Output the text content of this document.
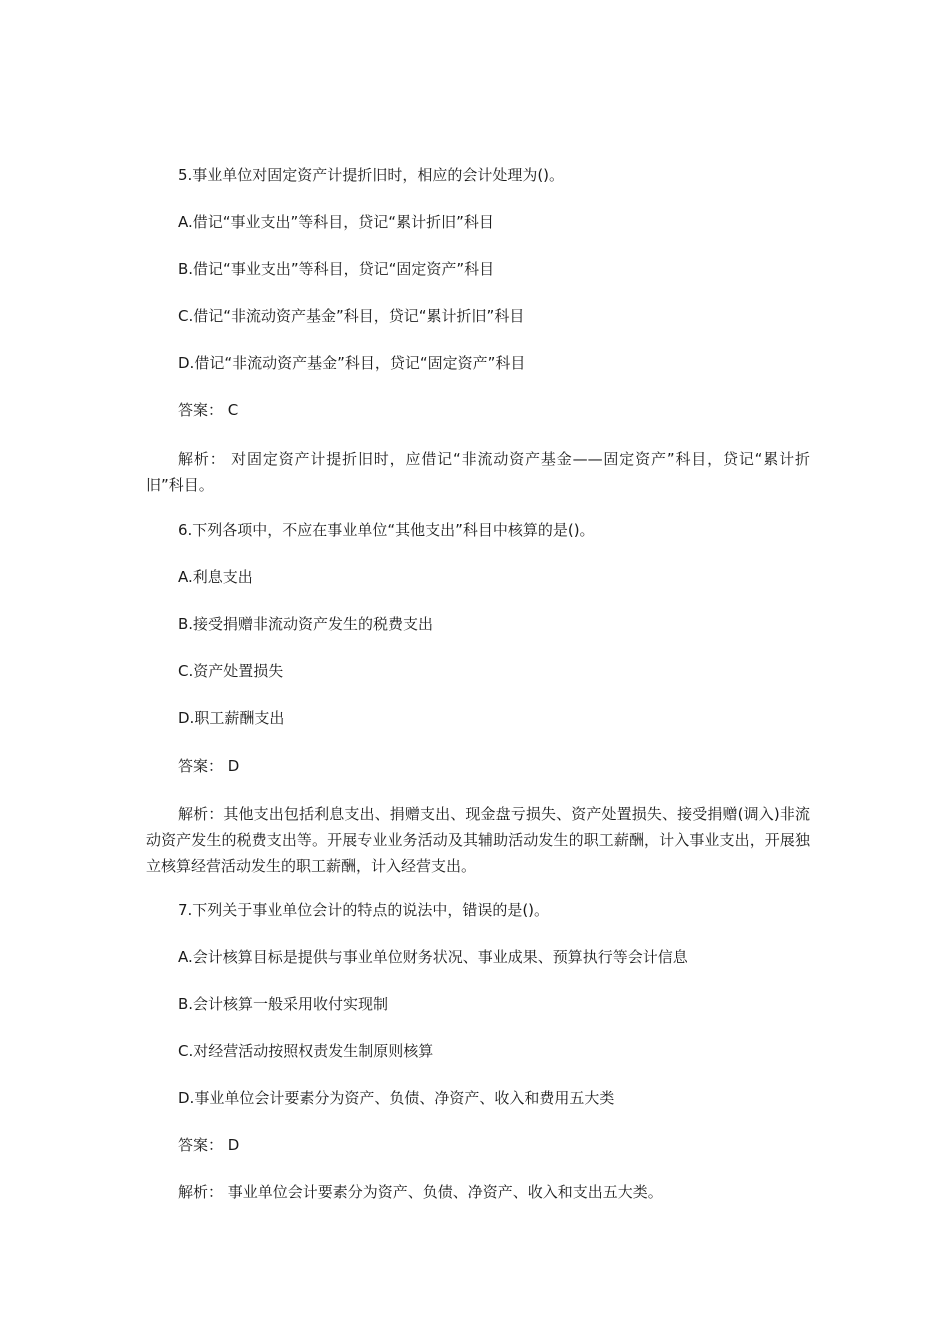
5.事业单位对固定资产计提折旧时，相应的会计处理为()。
A.借记“事业支出”等科目，贷记“累计折旧”科目
B.借记“事业支出”等科目，贷记“固定资产”科目
C.借记“非流动资产基金”科目，贷记“累计折旧”科目
D.借记“非流动资产基金”科目，贷记“固定资产”科目
答案： C
解析： 对固定资产计提折旧时，应借记“非流动资产基金——固定资产”科目，贷记“累计折旧”科目。
6.下列各项中，不应在事业单位“其他支出”科目中核算的是()。
A.利息支出
B.接受捐赠非流动资产发生的税费支出
C.资产处置损失
D.职工薪酬支出
答案： D
解析：其他支出包括利息支出、捐赠支出、现金盘亏损失、资产处置损失、接受捐赠(调入)非流动资产发生的税费支出等。开展专业业务活动及其辅助活动发生的职工薪酬，计入事业支出，开展独立核算经营活动发生的职工薪酬，计入经营支出。
7.下列关于事业单位会计的特点的说法中，错误的是()。
A.会计核算目标是提供与事业单位财务状况、事业成果、预算执行等会计信息
B.会计核算一般采用收付实现制
C.对经营活动按照权责发生制原则核算
D.事业单位会计要素分为资产、负债、净资产、收入和费用五大类
答案： D
解析： 事业单位会计要素分为资产、负债、净资产、收入和支出五大类。
